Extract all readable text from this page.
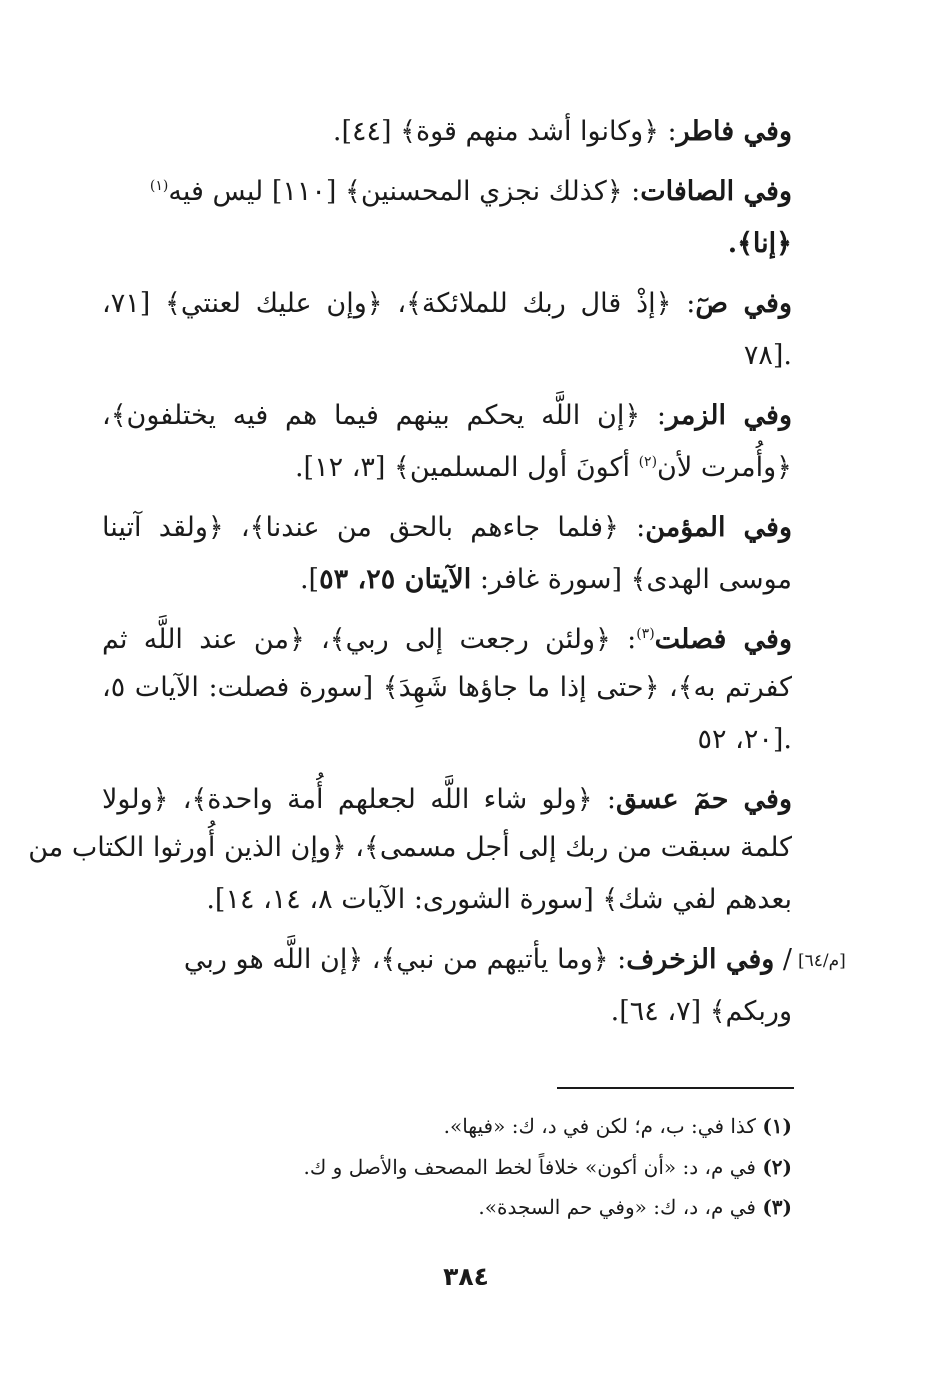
وفي فاطر: ﴿وكانوا أشد منهم قوة﴾ [٤٤].
وفي الصافات: ﴿كذلك نجزي المحسنين﴾ [١١٠] ليس فيه$^{(١)}$
﴿إنا﴾.
وفي صٓ: ﴿إذْ قال ربك للملائكة﴾، ﴿وإن عليك لعنتي﴾ [٧١،
٧٨].
وفي الزمر: ﴿إن اللَّه يحكم بينهم فيما هم فيه يختلفون﴾،
﴿وأُمرت لأن$^{(٢)}$ أكونَ أول المسلمين﴾ [٣، ١٢].
وفي المؤمن: ﴿فلما جاءهم بالحق من عندنا﴾، ﴿ولقد آتينا
موسى الهدى﴾ [سورة غافر: الآيتان ٢٥، ٥٣].
وفي فصلت$^{(٣)}$: ﴿ولئن رجعت إلى ربي﴾، ﴿من عند اللَّه ثم
كفرتم به﴾، ﴿حتى إذا ما جاؤها شَهِدَ﴾ [سورة فصلت: الآيات ٥،
٢٠، ٥٢].
وفي حمٓ عسق: ﴿ولو شاء اللَّه لجعلهم أُمة واحدة﴾، ﴿ولولا
كلمة سبقت من ربك إلى أجل مسمى﴾، ﴿وإن الذين أُورثوا الكتاب من
بعدهم لفي شك﴾ [سورة الشورى: الآيات ٨، ١٤، ١٤].
[م/٦٤]
/ وفي الزخرف: ﴿وما يأتيهم من نبي﴾، ﴿إن اللَّه هو ربي
وربكم﴾ [٧، ٦٤].
(١) كذا في: ب، م؛ لكن في د، ك: «فيها».
(٢) في م، د: «أن أكون» خلافاً لخط المصحف والأصل و ك.
(٣) في م، د، ك: «وفي حم السجدة».
٣٨٤
